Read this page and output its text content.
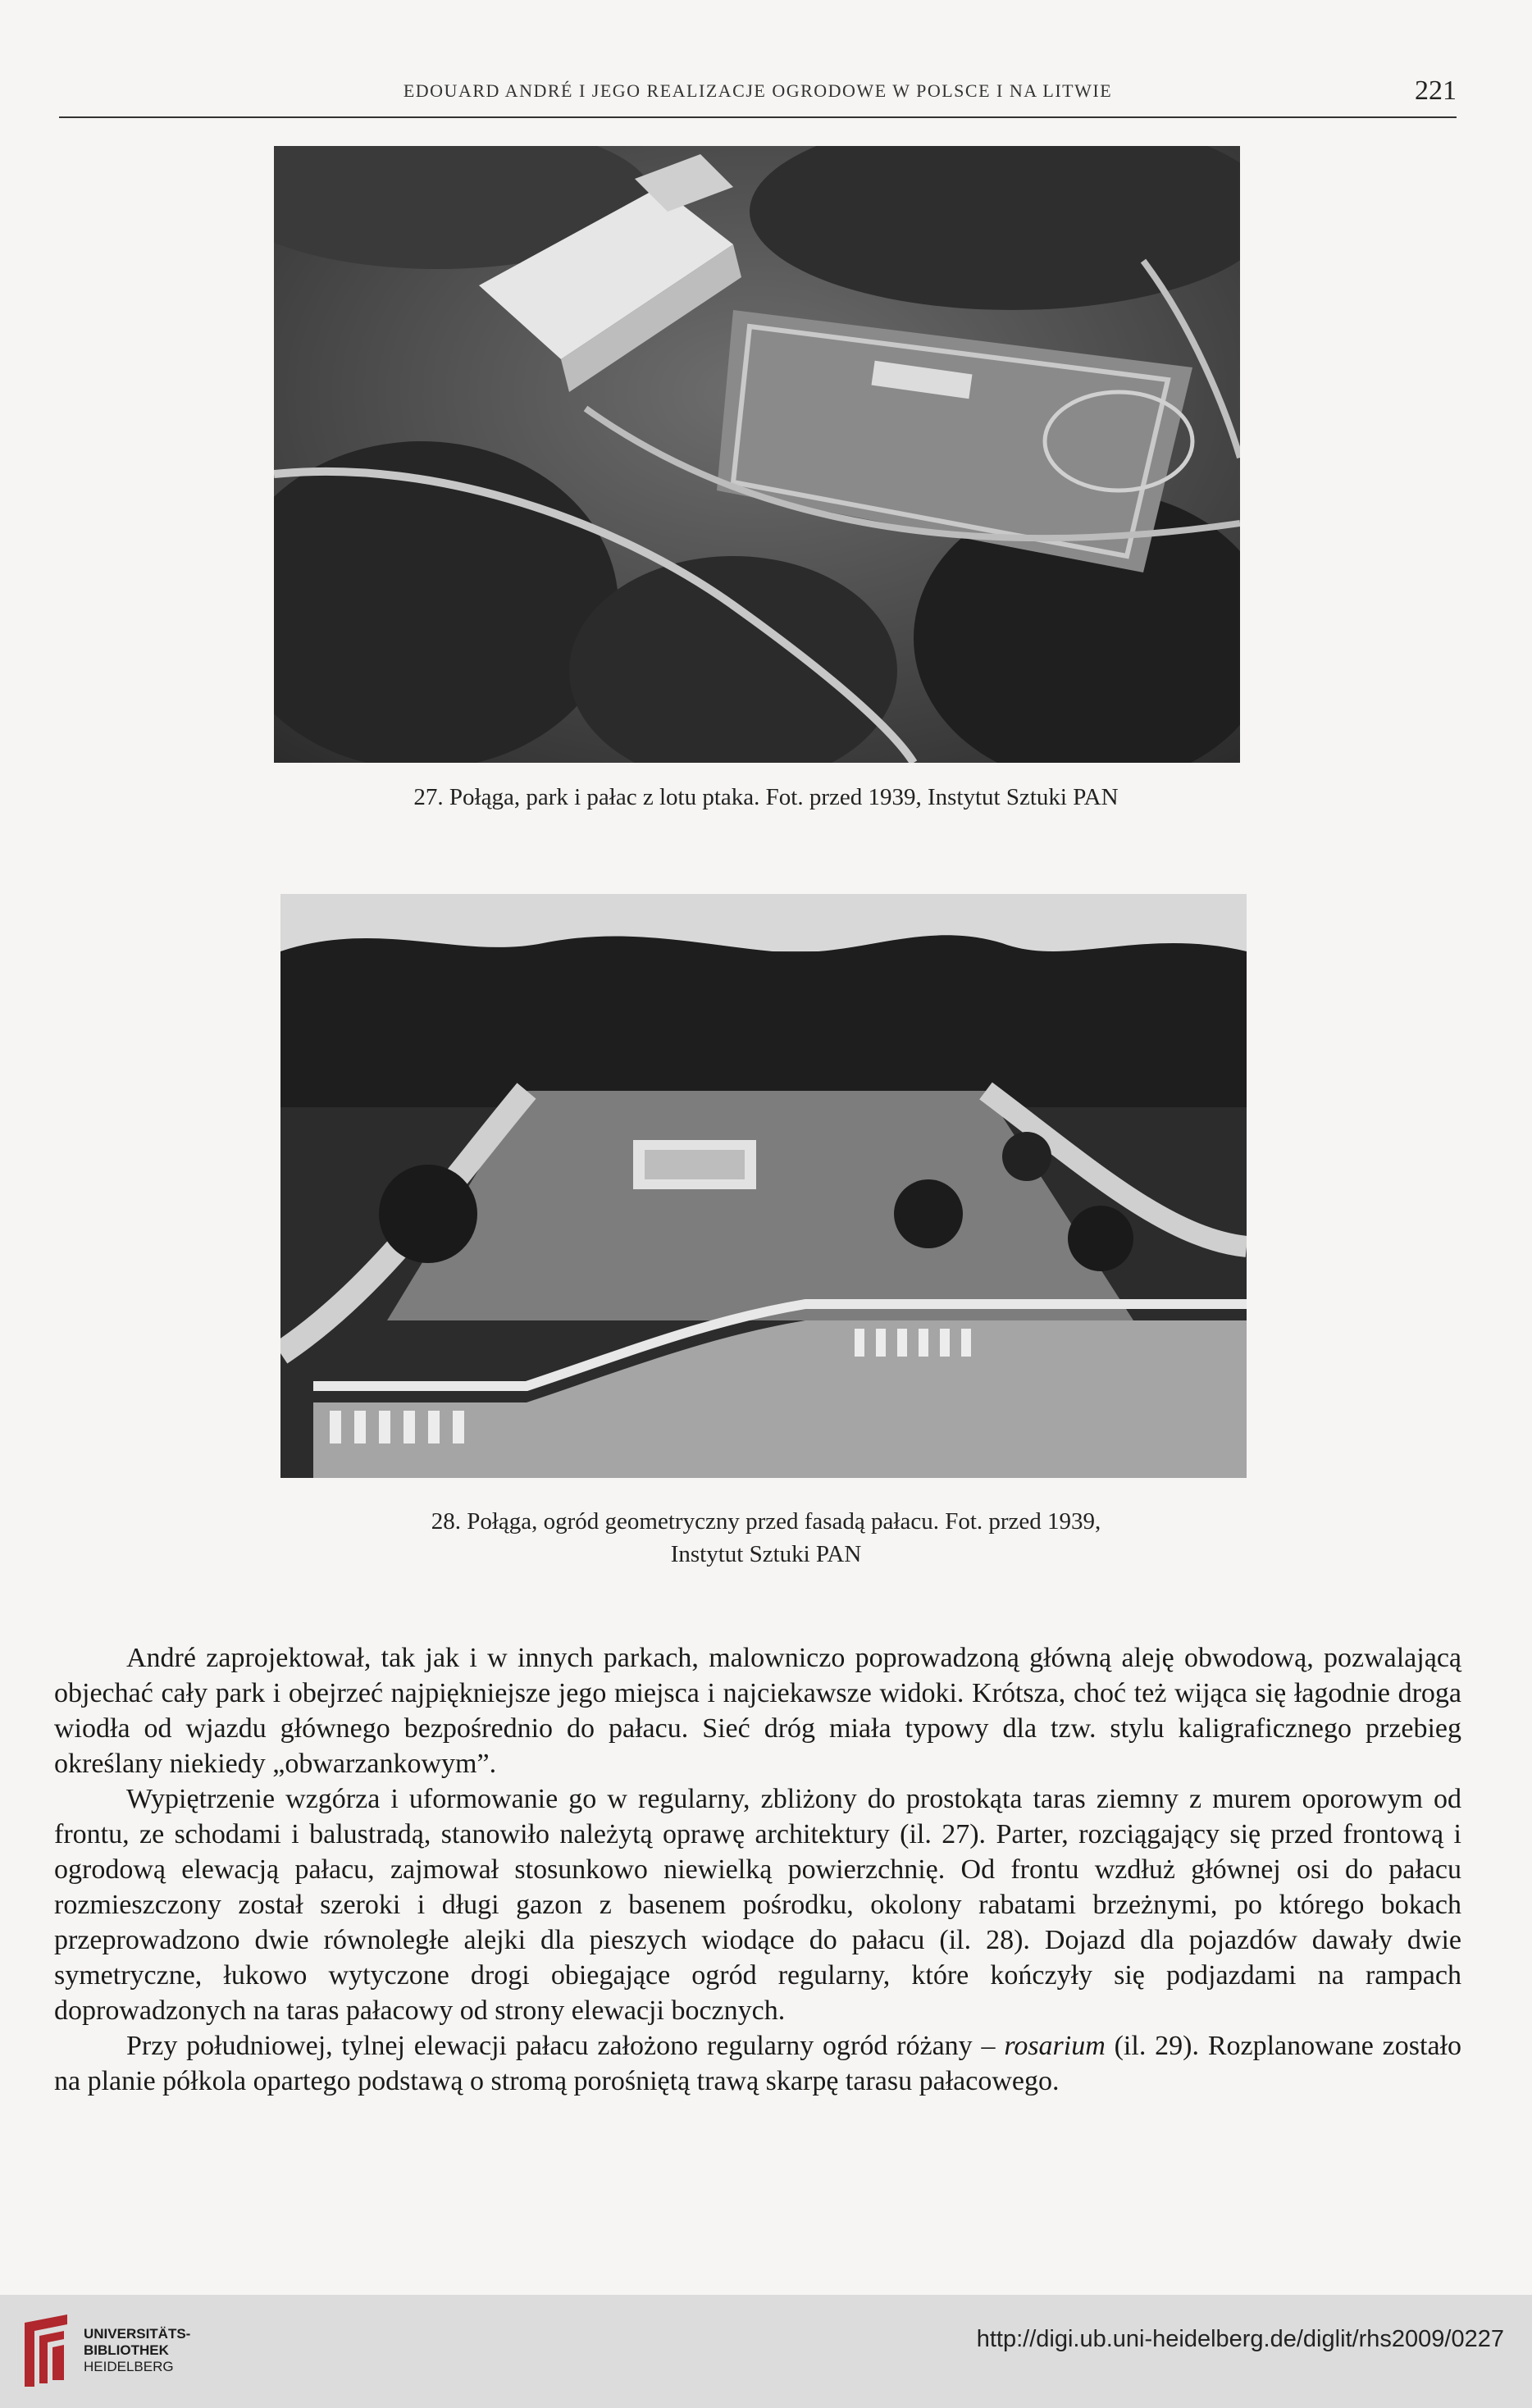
EDOUARD ANDRÉ I JEGO REALIZACJE OGRODOWE W POLSCE I NA LITWIE	221
27. Połąga, park i pałac z lotu ptaka. Fot. przed 1939, Instytut Sztuki PAN
28. Połąga, ogród geometryczny przed fasadą pałacu. Fot. przed 1939,
Instytut Sztuki PAN

André zaprojektował, tak jak i w innych parkach, malowniczo poprowadzoną główną aleję obwodową, pozwalającą objechać cały park i obejrzeć najpiękniejsze jego miejsca i najciekawsze widoki. Krótsza, choć też wijąca się łagodnie droga wiodła od wjazdu głównego bezpośrednio do pałacu. Sieć dróg miała typowy dla tzw. stylu kaligraficznego przebieg określany niekiedy „obwarzankowym”.

Wypiętrzenie wzgórza i uformowanie go w regularny, zbliżony do prostokąta taras ziemny z murem oporowym od frontu, ze schodami i balustradą, stanowiło należytą oprawę architektury (il. 27). Parter, rozciągający się przed frontową i ogrodową elewacją pałacu, zajmował stosunkowo niewielką powierzchnię. Od frontu wzdłuż głównej osi do pałacu rozmieszczony został szeroki i długi gazon z basenem pośrodku, okolony rabatami brzeżnymi, po którego bokach przeprowadzono dwie równoległe alejki dla pieszych wiodące do pałacu (il. 28). Dojazd dla pojazdów dawały dwie symetryczne, łukowo wytyczone drogi obiegające ogród regularny, które kończyły się podjazdami na rampach doprowadzonych na taras pałacowy od strony elewacji bocznych.

Przy południowej, tylnej elewacji pałacu założono regularny ogród różany – rosarium (il. 29). Rozplanowane zostało na planie półkola opartego podstawą o stromą porośniętą trawą skarpę tarasu pałacowego.

UNIVERSITÄTS-
BIBLIOTHEK
HEIDELBERG
http://digi.ub.uni-heidelberg.de/diglit/rhs2009/0227
